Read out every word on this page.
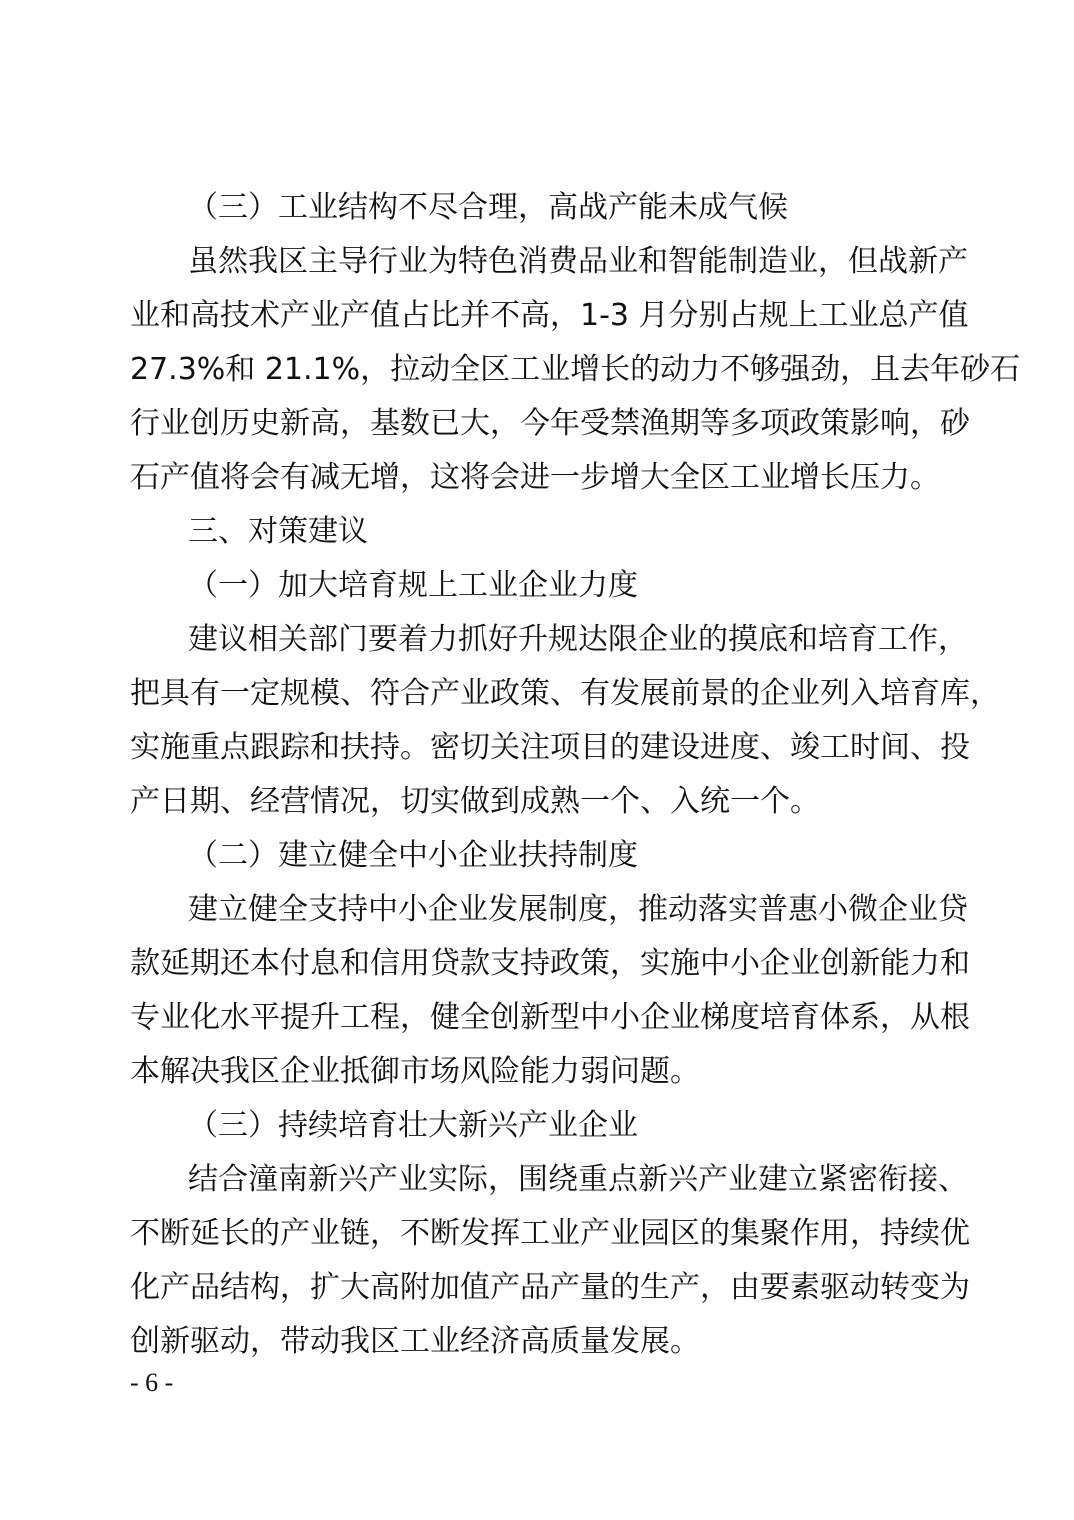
（三）工业结构不尽合理，高战产能未成气候
虽然我区主导行业为特色消费品业和智能制造业，但战新产
业和高技术产业产值占比并不高，1-3 月分别占规上工业总产值
27.3%和 21.1%，拉动全区工业增长的动力不够强劲，且去年砂石
行业创历史新高，基数已大，今年受禁渔期等多项政策影响，砂
石产值将会有减无增，这将会进一步增大全区工业增长压力。
三、对策建议
（一）加大培育规上工业企业力度
建议相关部门要着力抓好升规达限企业的摸底和培育工作，
把具有一定规模、符合产业政策、有发展前景的企业列入培育库，
实施重点跟踪和扶持。密切关注项目的建设进度、竣工时间、投
产日期、经营情况，切实做到成熟一个、入统一个。
（二）建立健全中小企业扶持制度
建立健全支持中小企业发展制度，推动落实普惠小微企业贷
款延期还本付息和信用贷款支持政策，实施中小企业创新能力和
专业化水平提升工程，健全创新型中小企业梯度培育体系，从根
本解决我区企业抵御市场风险能力弱问题。
（三）持续培育壮大新兴产业企业
结合潼南新兴产业实际，围绕重点新兴产业建立紧密衔接、
不断延长的产业链，不断发挥工业产业园区的集聚作用，持续优
化产品结构，扩大高附加值产品产量的生产，由要素驱动转变为
创新驱动，带动我区工业经济高质量发展。
- 6 -
